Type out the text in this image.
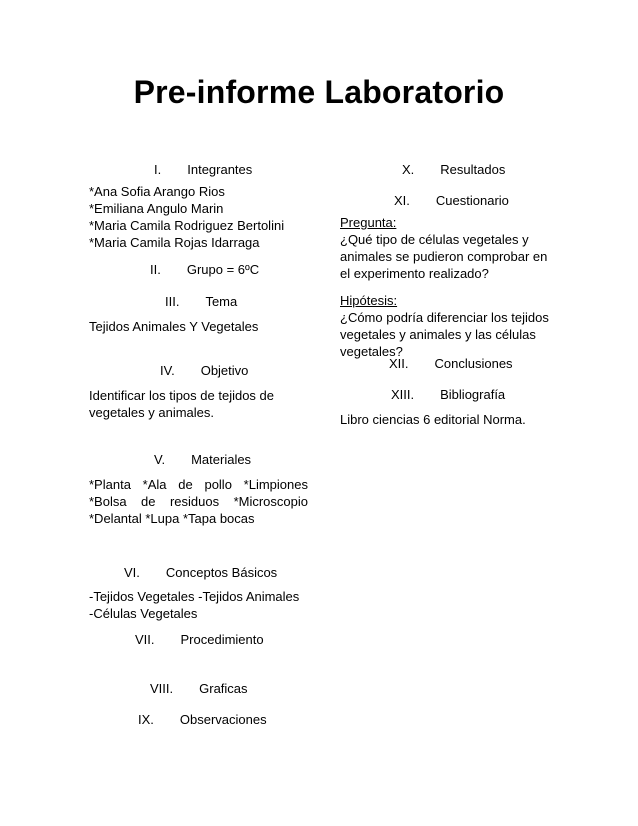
Pre-informe Laboratorio
I. Integrantes
*Ana Sofia Arango Rios
*Emiliana Angulo Marin
*Maria Camila Rodriguez Bertolini
*Maria Camila Rojas Idarraga
II. Grupo = 6ºC
III. Tema
Tejidos Animales Y Vegetales
IV. Objetivo
Identificar los tipos de tejidos de
vegetales y animales.
V. Materiales
*Planta *Ala de pollo *Limpiones
*Bolsa de residuos *Microscopio
*Delantal *Lupa *Tapa bocas
VI. Conceptos Básicos
-Tejidos Vegetales -Tejidos Animales
-Células Vegetales
VII. Procedimiento
VIII. Graficas
IX. Observaciones
X. Resultados
XI. Cuestionario
Pregunta:
¿Qué tipo de células vegetales y
animales se pudieron comprobar en
el experimento realizado?
Hipótesis:
¿Cómo podría diferenciar los tejidos
vegetales y animales y las células
vegetales?
XII. Conclusiones
XIII. Bibliografía
Libro ciencias 6 editorial Norma.
